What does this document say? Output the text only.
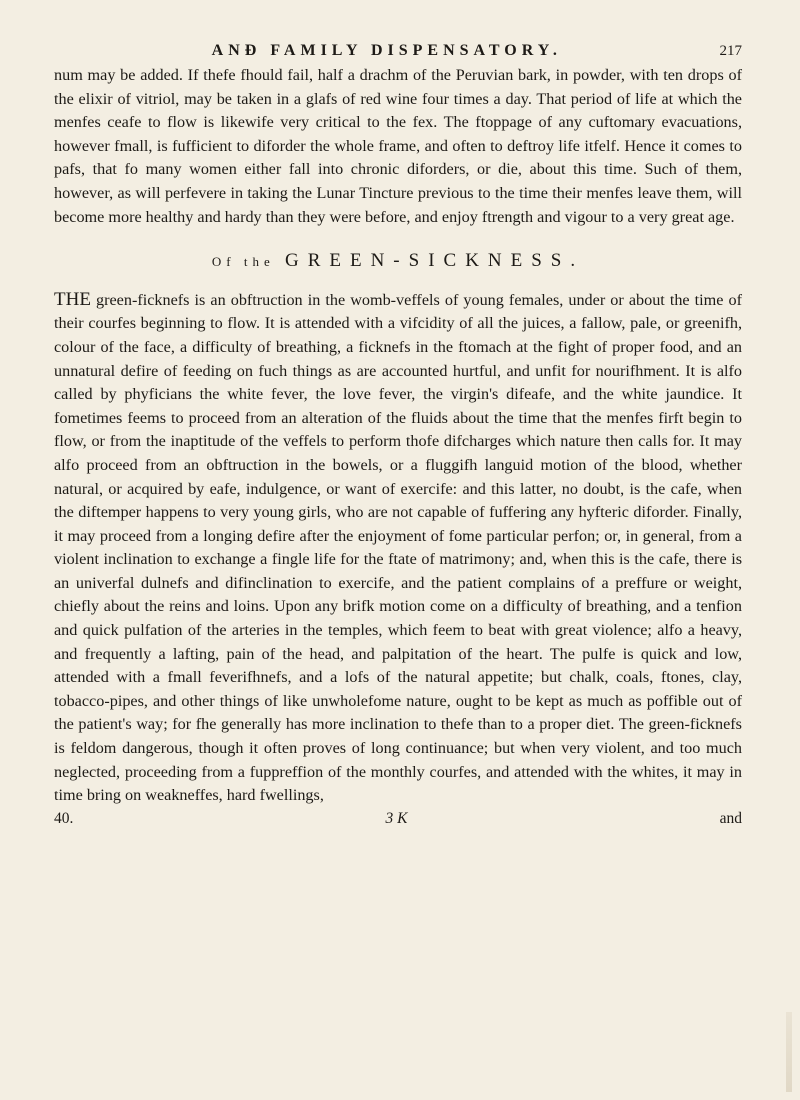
ANÐ FAMILY DISPENSATORY.	217

num may be added. If thefe fhould fail, half a drachm of the Peruvian bark, in powder, with ten drops of the elixir of vitriol, may be taken in a glafs of red wine four times a day. That period of life at which the menfes ceafe to flow is likewife very critical to the fex. The ftoppage of any cuftomary evacuations, however fmall, is fufficient to diforder the whole frame, and often to deftroy life itfelf. Hence it comes to pafs, that fo many women either fall into chronic diforders, or die, about this time. Such of them, however, as will perfevere in taking the Lunar Tincture previous to the time their menfes leave them, will become more healthy and hardy than they were before, and enjoy ftrength and vigour to a very great age.

Of the GREEN-SICKNESS.

THE green-ficknefs is an obftruction in the womb-veffels of young females, under or about the time of their courfes beginning to flow. It is attended with a vifcidity of all the juices, a fallow, pale, or greenifh, colour of the face, a difficulty of breathing, a ficknefs in the ftomach at the fight of proper food, and an unnatural defire of feeding on fuch things as are accounted hurtful, and unfit for nourifhment. It is alfo called by phyficians the white fever, the love fever, the virgin's difeafe, and the white jaundice. It fometimes feems to proceed from an alteration of the fluids about the time that the menfes firft begin to flow, or from the inaptitude of the veffels to perform thofe difcharges which nature then calls for. It may alfo proceed from an obftruction in the bowels, or a fluggifh languid motion of the blood, whether natural, or acquired by eafe, indulgence, or want of exercife: and this latter, no doubt, is the cafe, when the diftemper happens to very young girls, who are not capable of fuffering any hyfteric diforder. Finally, it may proceed from a longing defire after the enjoyment of fome particular perfon; or, in general, from a violent inclination to exchange a fingle life for the ftate of matrimony; and, when this is the cafe, there is an univerfal dulnefs and difinclination to exercife, and the patient complains of a preffure or weight, chiefly about the reins and loins. Upon any brifk motion come on a difficulty of breathing, and a tenfion and quick pulfation of the arteries in the temples, which feem to beat with great violence; alfo a heavy, and frequently a lafting, pain of the head, and palpitation of the heart. The pulfe is quick and low, attended with a fmall feverifhnefs, and a lofs of the natural appetite; but chalk, coals, ftones, clay, tobacco-pipes, and other things of like unwholefome nature, ought to be kept as much as poffible out of the patient's way; for fhe generally has more inclination to thefe than to a proper diet. The green-ficknefs is feldom dangerous, though it often proves of long continuance; but when very violent, and too much neglected, proceeding from a fuppreffion of the monthly courfes, and attended with the whites, it may in time bring on weakneffes, hard fwellings,

40.	3 K	and
